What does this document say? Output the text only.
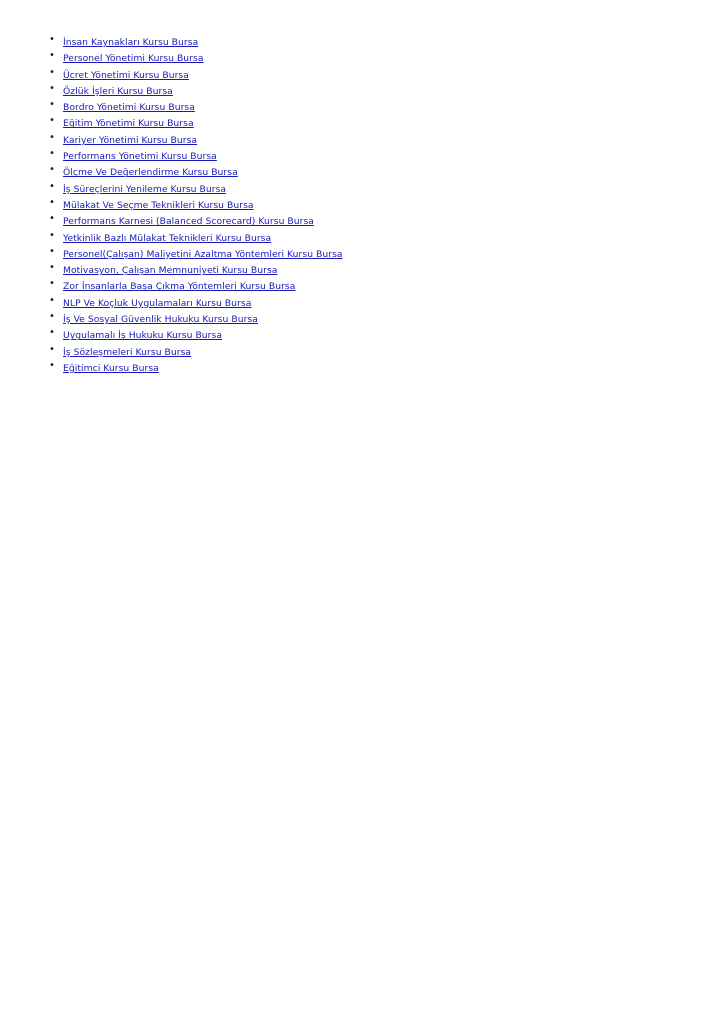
• İnsan Kaynakları Kursu Bursa
• Personel Yönetimi Kursu Bursa
• Ücret Yönetimi Kursu Bursa
• Özlük İşleri Kursu Bursa
• Bordro Yönetimi Kursu Bursa
• Eğitim Yönetimi Kursu Bursa
• Kariyer Yönetimi Kursu Bursa
• Performans Yönetimi Kursu Bursa
• Ölçme Ve Değerlendirme Kursu Bursa
• İş Süreçlerini Yenileme Kursu Bursa
• Mülakat Ve Seçme Teknikleri Kursu Bursa
• Performans Karnesi (Balanced Scorecard) Kursu Bursa
• Yetkinlik Bazlı Mülakat Teknikleri Kursu Bursa
• Personel(Çalışan) Maliyetini Azaltma Yöntemleri Kursu Bursa
• Motivasyon, Çalışan Memnuniyeti Kursu Bursa
• Zor İnsanlarla Başa Çıkma Yöntemleri Kursu Bursa
• NLP Ve Koçluk Uygulamaları Kursu Bursa
• İş Ve Sosyal Güvenlik Hukuku Kursu Bursa
• Uygulamalı İş Hukuku Kursu Bursa
• İş Sözleşmeleri Kursu Bursa
• Eğitimci Kursu Bursa
